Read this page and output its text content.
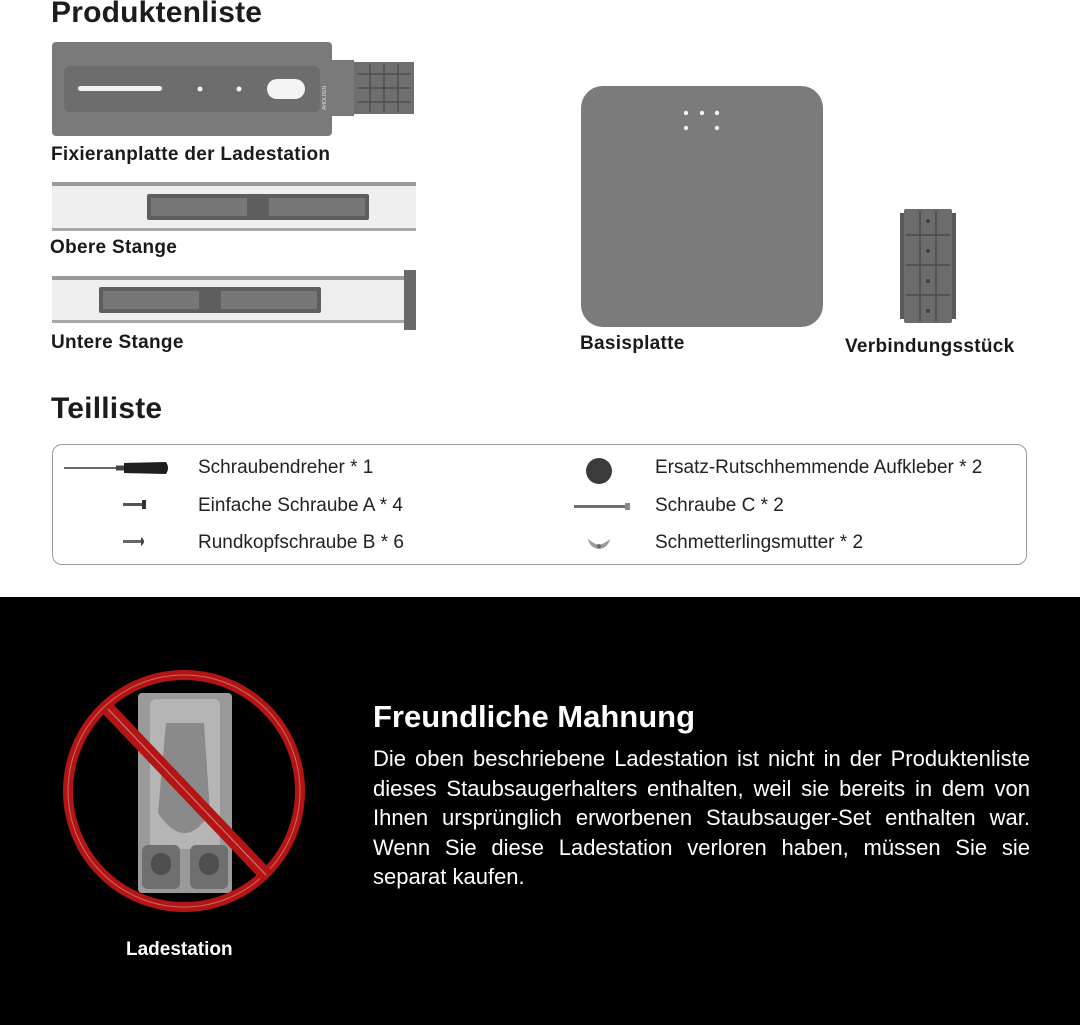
Produktenliste
AHOLDEN
Fixieranplatte der Ladestation
Obere Stange
Untere Stange	Basisplatte	Verbindungsstück
Teilliste
Schraubendreher * 1
Einfache Schraube A * 4
Rundkopfschraube B * 6
Ersatz-Rutschhemmende Aufkleber * 2
Schraube C * 2
Schmetterlingsmutter * 2
Ladestation
Freundliche Mahnung
Die oben beschriebene Ladestation ist nicht in der Produktenliste dieses Staubsaugerhalters enthalten, weil sie bereits in dem von Ihnen ursprünglich erworbenen Staubsauger-Set enthalten war. Wenn Sie diese Ladestation verloren haben, müssen Sie sie separat kaufen.
